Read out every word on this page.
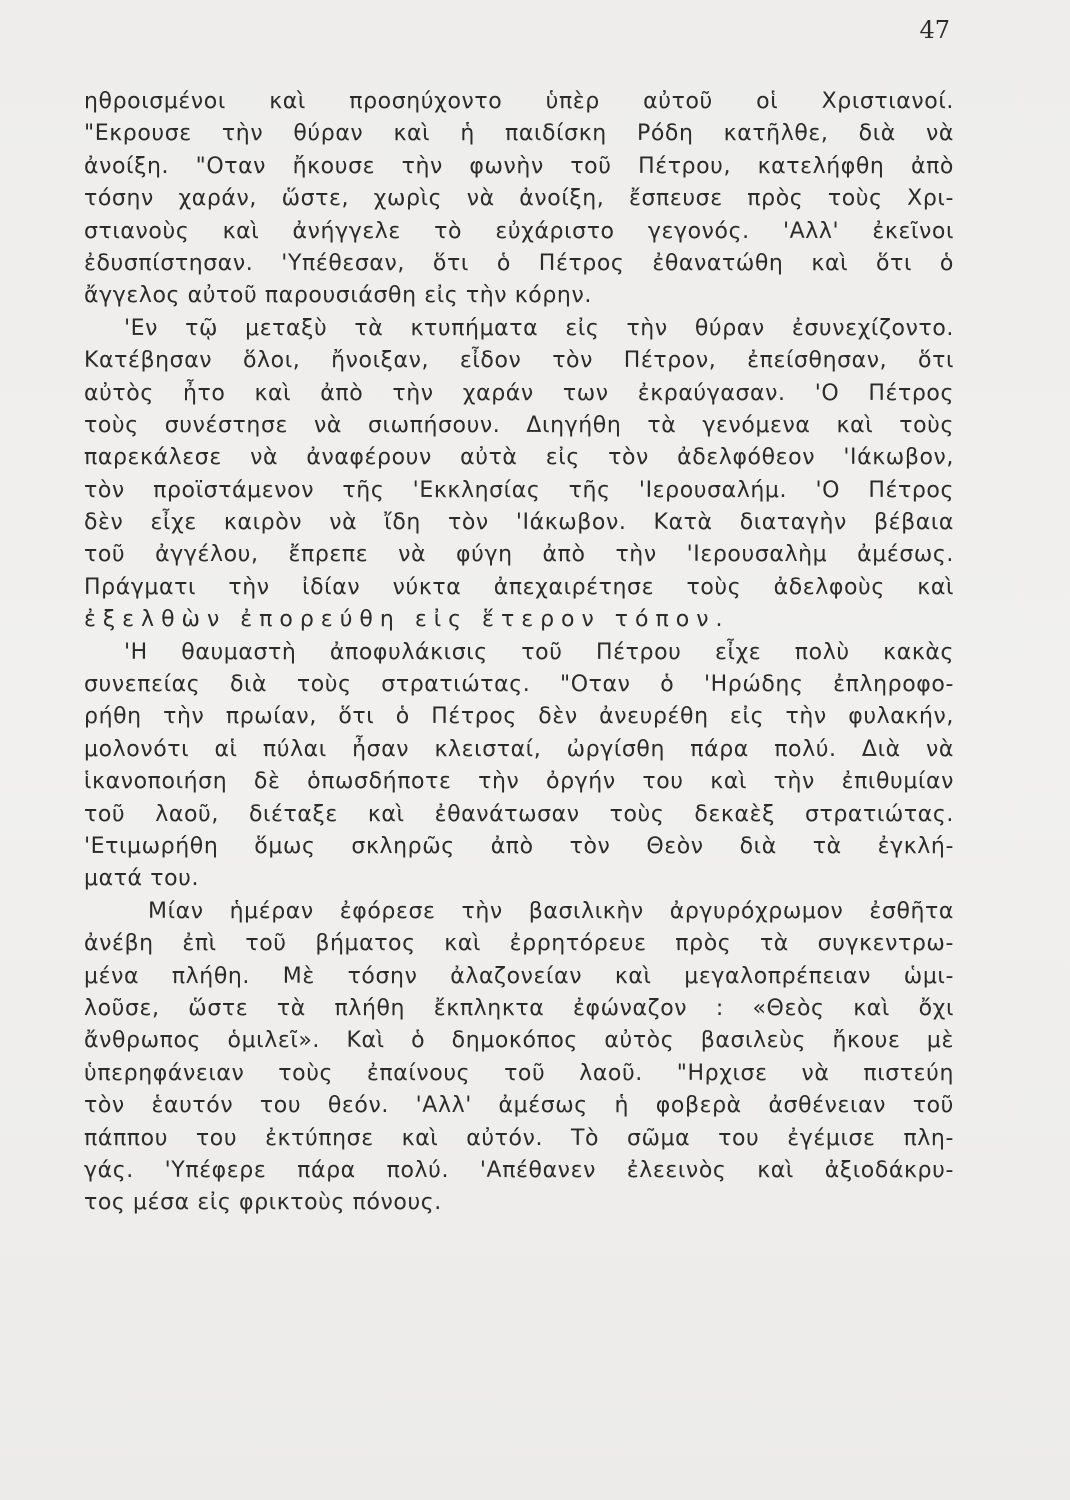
47
ηθροισμένοι καὶ προσηύχοντο ὑπὲρ αὐτοῦ οἱ Χριστιανοί.
"Εκρουσε τὴν θύραν καὶ ἡ παιδίσκη Ρόδη κατῆλθε, διὰ νὰ
ἀνοίξη. "Οταν ἤκουσε τὴν φωνὴν τοῦ Πέτρου, κατελήφθη ἀπὸ
τόσην χαράν, ὥστε, χωρὶς νὰ ἀνοίξη, ἔσπευσε πρὸς τοὺς Χρι-
στιανοὺς καὶ ἀνήγγελε τὸ εὐχάριστο γεγονός. 'Αλλ' ἐκεῖνοι
ἐδυσπίστησαν. 'Υπέθεσαν, ὅτι ὁ Πέτρος ἐθανατώθη καὶ ὅτι ὁ
ἄγγελος αὐτοῦ παρουσιάσθη εἰς τὴν κόρην.
'Εν τῷ μεταξὺ τὰ κτυπήματα εἰς τὴν θύραν ἐσυνεχίζοντο.
Κατέβησαν ὅλοι, ἤνοιξαν, εἶδον τὸν Πέτρον, ἐπείσθησαν, ὅτι
αὐτὸς ἦτο καὶ ἀπὸ τὴν χαράν των ἐκραύγασαν. 'Ο Πέτρος
τοὺς συνέστησε νὰ σιωπήσουν. Διηγήθη τὰ γενόμενα καὶ τοὺς
παρεκάλεσε νὰ ἀναφέρουν αὐτὰ εἰς τὸν ἀδελφόθεον 'Ιάκωβον,
τὸν προϊστάμενον τῆς 'Εκκλησίας τῆς 'Ιερουσαλήμ. 'Ο Πέτρος
δὲν εἶχε καιρὸν νὰ ἴδη τὸν 'Ιάκωβον. Κατὰ διαταγὴν βέβαια
τοῦ ἀγγέλου, ἔπρεπε νὰ φύγη ἀπὸ τὴν 'Ιερουσαλὴμ ἀμέσως.
Πράγματι τὴν ἰδίαν νύκτα ἀπεχαιρέτησε τοὺς ἀδελφοὺς καὶ
ἐξελθὼν ἐπορεύθη εἰς ἕτερον τόπον.
'Η θαυμαστὴ ἀποφυλάκισις τοῦ Πέτρου εἶχε πολὺ κακὰς
συνεπείας διὰ τοὺς στρατιώτας. "Οταν ὁ 'Ηρώδης ἐπληροφο-
ρήθη τὴν πρωίαν, ὅτι ὁ Πέτρος δὲν ἀνευρέθη εἰς τὴν φυλακήν,
μολονότι αἱ πύλαι ἦσαν κλεισταί, ὠργίσθη πάρα πολύ. Διὰ νὰ
ἱκανοποιήση δὲ ὁπωσδήποτε τὴν ὀργήν του καὶ τὴν ἐπιθυμίαν
τοῦ λαοῦ, διέταξε καὶ ἐθανάτωσαν τοὺς δεκαὲξ στρατιώτας.
'Ετιμωρήθη ὅμως σκληρῶς ἀπὸ τὸν Θεὸν διὰ τὰ ἐγκλή-
ματά του.
Μίαν ἡμέραν ἐφόρεσε τὴν βασιλικὴν ἀργυρόχρωμον ἐσθῆτα
ἀνέβη ἐπὶ τοῦ βήματος καὶ ἐρρητόρευε πρὸς τὰ συγκεντρω-
μένα πλήθη. Μὲ τόσην ἀλαζονείαν καὶ μεγαλοπρέπειαν ὡμι-
λοῦσε, ὥστε τὰ πλήθη ἔκπληκτα ἐφώναζον : «Θεὸς καὶ ὄχι
ἄνθρωπος ὁμιλεῖ». Καὶ ὁ δημοκόπος αὐτὸς βασιλεὺς ἤκουε μὲ
ὑπερηφάνειαν τοὺς ἐπαίνους τοῦ λαοῦ. "Ηρχισε νὰ πιστεύη
τὸν ἑαυτόν του θεόν. 'Αλλ' ἀμέσως ἡ φοβερὰ ἀσθένειαν τοῦ
πάππου του ἐκτύπησε καὶ αὐτόν. Τὸ σῶμα του ἐγέμισε πλη-
γάς. 'Υπέφερε πάρα πολύ. 'Απέθανεν ἐλεεινὸς καὶ ἀξιοδάκρυ-
τος μέσα εἰς φρικτοὺς πόνους.
